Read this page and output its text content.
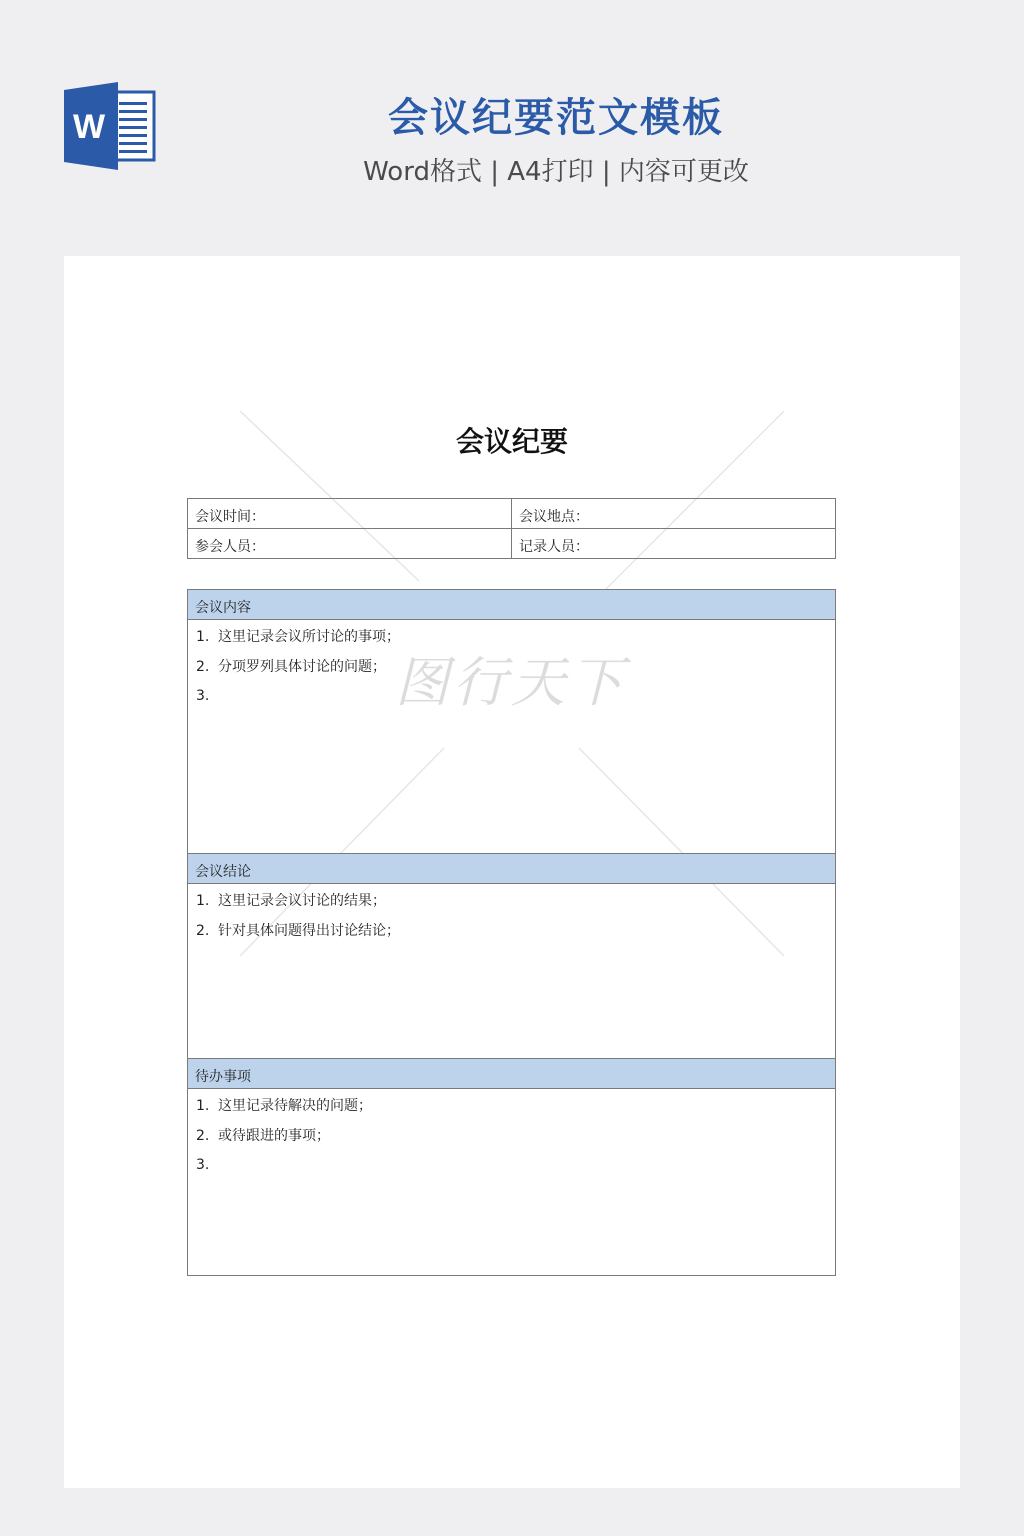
W	会议纪要范文模板
Word格式 | A4打印 | 内容可更改
图行天下
会议纪要
会议时间：	会议地点：
参会人员：	记录人员：
会议内容
1. 这里记录会议所讨论的事项；
2. 分项罗列具体讨论的问题；
3.
会议结论
1. 这里记录会议讨论的结果；
2. 针对具体问题得出讨论结论；
待办事项
1. 这里记录待解决的问题；
2. 或待跟进的事项；
3.
